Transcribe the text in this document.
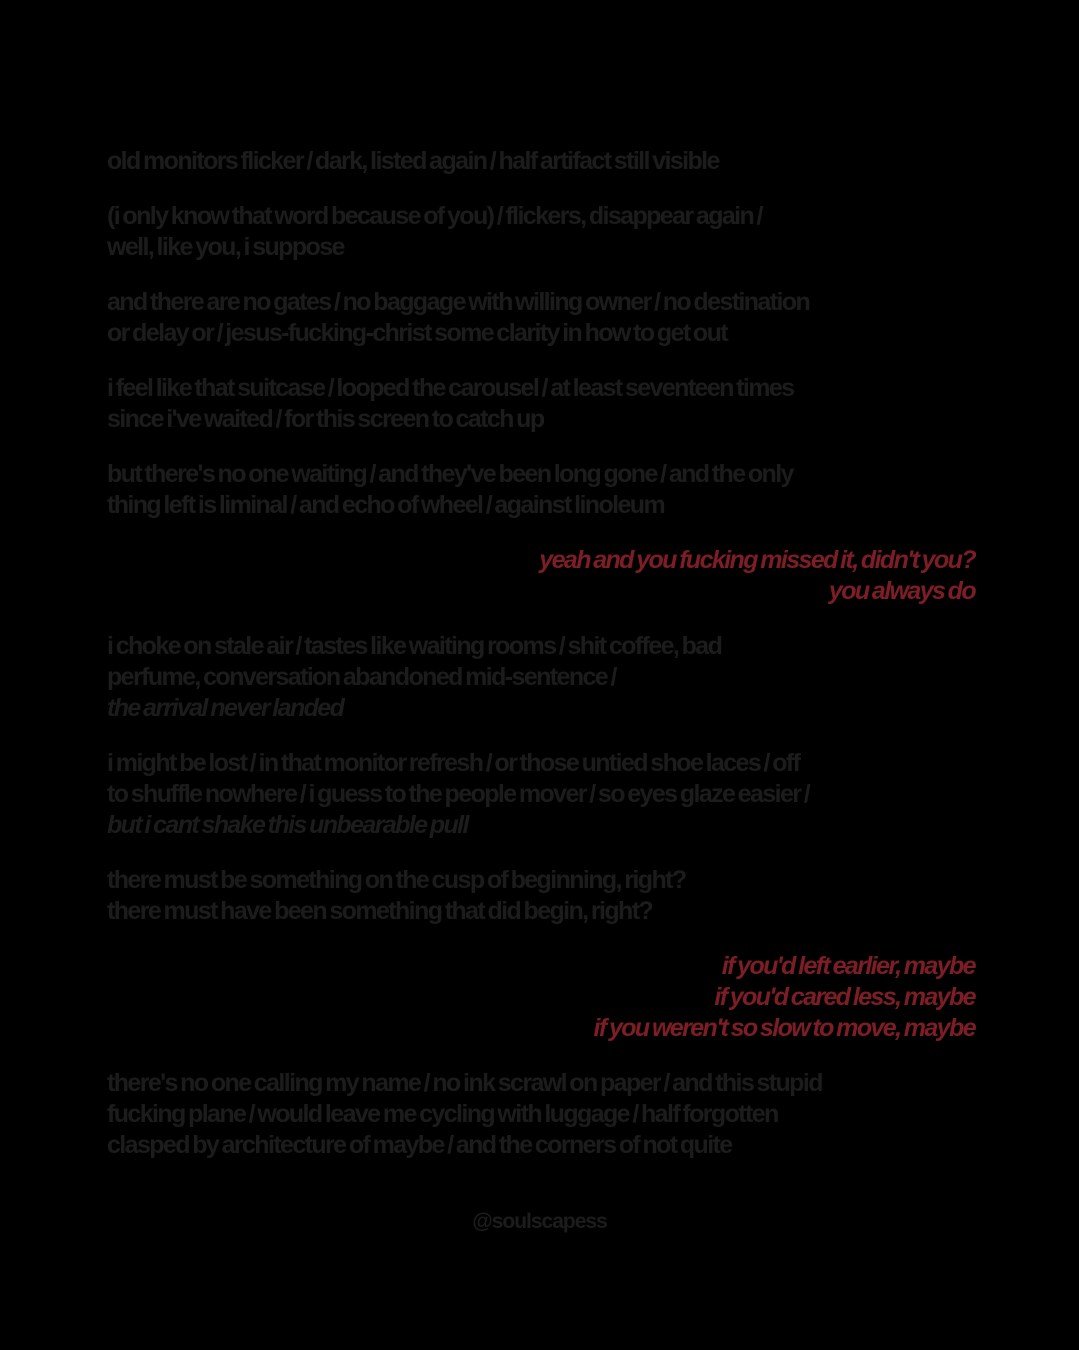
old monitors flicker / dark, listed again / half artifact still visible
(i only know that word because of you) / flickers, disappear again /
well, like you, i suppose
and there are no gates / no baggage with willing owner / no destination
or delay or / jesus-fucking-christ some clarity in how to get out
i feel like that suitcase / looped the carousel / at least seventeen times
since i've waited / for this screen to catch up
but there's no one waiting / and they've been long gone / and the only
thing left is liminal / and echo of wheel / against linoleum
yeah and you fucking missed it, didn't you?
you always do
i choke on stale air / tastes like waiting rooms / shit coffee, bad
perfume, conversation abandoned mid-sentence /
the arrival never landed
i might be lost / in that monitor refresh / or those untied shoe laces / off
to shuffle nowhere / i guess to the people mover / so eyes glaze easier /
but i cant shake this unbearable pull
there must be something on the cusp of beginning, right?
there must have been something that did begin, right?
if you'd left earlier, maybe
if you'd cared less, maybe
if you weren't so slow to move, maybe
there's no one calling my name / no ink scrawl on paper / and this stupid
fucking plane / would leave me cycling with luggage / half forgotten
clasped by architecture of maybe / and the corners of not quite
@soulscapess
